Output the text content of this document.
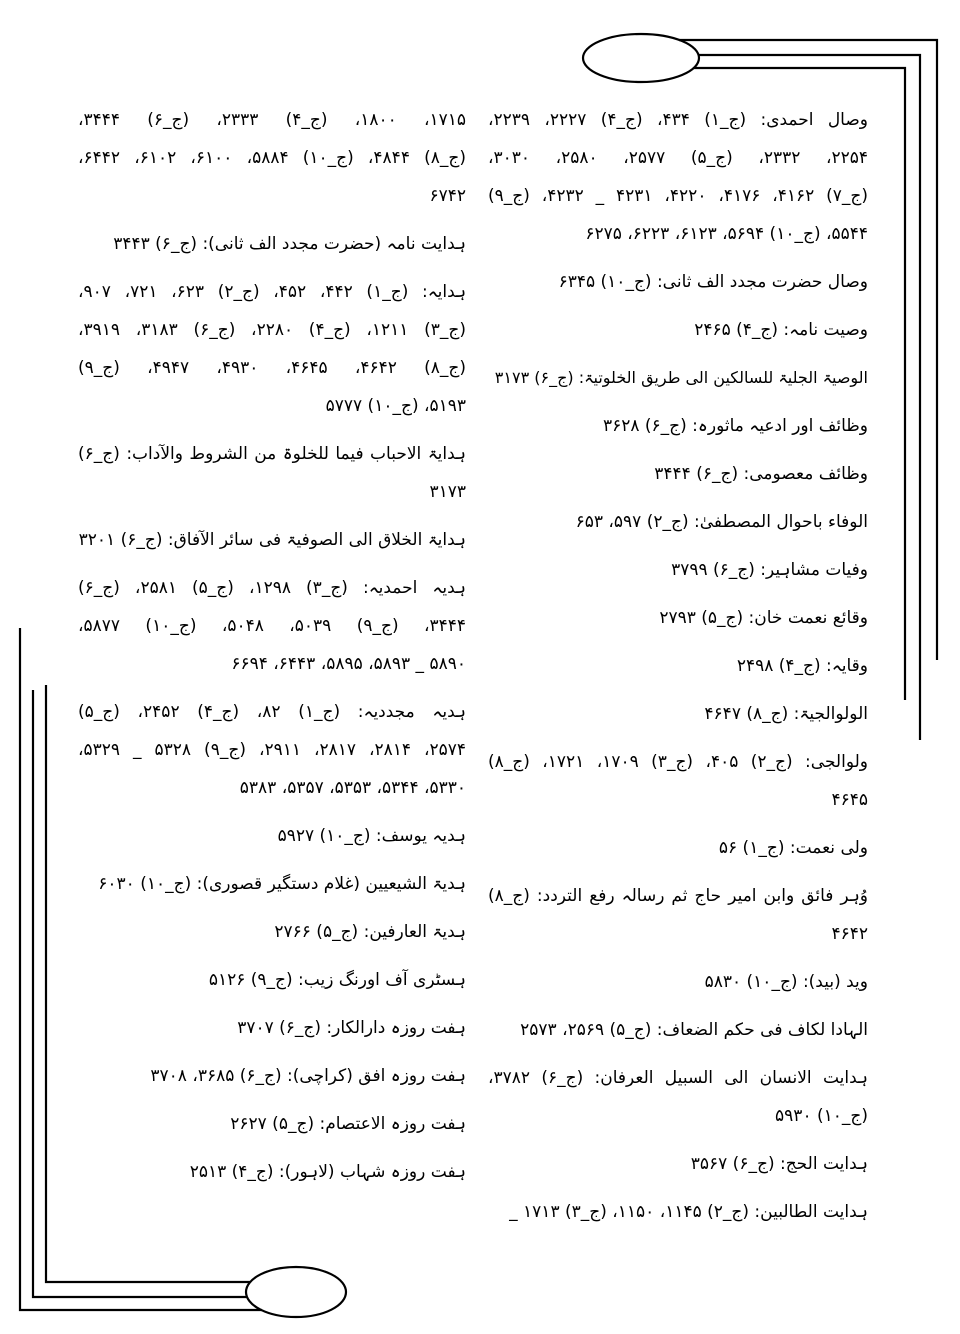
وصال احمدی: (ج_۱) ۴۳۴، (ج_۴) ۲۲۲۷، ۲۲۳۹،
۲۲۵۴، ۲۳۳۲، (ج_۵) ۲۵۷۷، ۲۵۸۰، ۳۰۳۰،
(ج_۷) ۴۱۶۲، ۴۱۷۶، ۴۲۲۰، ۴۲۳۱ _ ۴۲۳۲، (ج_۹)
۵۵۴۴، (ج_۱۰) ۵۶۹۴، ۶۱۲۳، ۶۲۲۳، ۶۲۷۵
وصال حضرت مجدد الف ثانی: (ج_۱۰) ۶۳۴۵
وصیت نامہ: (ج_۴) ۲۴۶۵
الوصیۃ الجلیۃ للسالکین الی طریق الخلوتیۃ: (ج_۶) ۳۱۷۳
وظائف اور ادعیہ ماثورہ: (ج_۶) ۳۶۲۸
وظائف معصومی: (ج_۶) ۳۴۴۴
الوفاء باحوال المصطفیٰ: (ج_۲) ۵۹۷، ۶۵۳
وفیات مشاہیر: (ج_۶) ۳۷۹۹
وقائع نعمت خان: (ج_۵) ۲۷۹۳
وقایہ: (ج_۴) ۲۴۹۸
الولوالجیۃ: (ج_۸) ۴۶۴۷
ولوالجی: (ج_۲) ۴۰۵، (ج_۳) ۱۷۰۹، ۱۷۲۱، (ج_۸)
۴۶۴۵
ولی نعمت: (ج_۱) ۵۶
وُہر فائق وابن امیر حاج ثم رسالہ رفع التردد: (ج_۸)
۴۶۴۲
وید (بید): (ج_۱۰) ۵۸۳۰
الہادا لکاف فی حکم الضعاف: (ج_۵) ۲۵۶۹، ۲۵۷۳
ہدایت الانسان الی السبیل العرفان: (ج_۶) ۳۷۸۲،
(ج_۱۰) ۵۹۳۰
ہدایت الحج: (ج_۶) ۳۵۶۷
ہدایت الطالبین: (ج_۲) ۱۱۴۵، ۱۱۵۰، (ج_۳) ۱۷۱۳ _
۱۷۱۵، ۱۸۰۰، (ج_۴) ۲۳۳۳، (ج_۶) ۳۴۴۴،
(ج_۸) ۴۸۴۴، (ج_۱۰) ۵۸۸۴، ۶۱۰۰، ۶۱۰۲، ۶۴۴۲،
۶۷۴۲
ہدایت نامہ (حضرت مجدد الف ثانی): (ج_۶) ۳۴۴۳
ہدایہ: (ج_۱) ۴۴۲، ۴۵۲، (ج_۲) ۶۲۳، ۷۲۱، ۹۰۷،
(ج_۳) ۱۲۱۱، (ج_۴) ۲۲۸۰، (ج_۶) ۳۱۸۳، ۳۹۱۹،
(ج_۸) ۴۶۴۲، ۴۶۴۵، ۴۹۳۰، ۴۹۴۷، (ج_۹)
۵۱۹۳، (ج_۱۰) ۵۷۷۷
ہدایۃ الاحباب فیما للخلوۃ من الشروط والآداب: (ج_۶)
۳۱۷۳
ہدایۃ الخلاق الی الصوفیۃ فی سائر الآفاق: (ج_۶) ۳۲۰۱
ہدیہ احمدیہ: (ج_۳) ۱۲۹۸، (ج_۵) ۲۵۸۱، (ج_۶)
۳۴۴۴، (ج_۹) ۵۰۳۹، ۵۰۴۸، (ج_۱۰) ۵۸۷۷،
۵۸۹۰ _ ۵۸۹۳، ۵۸۹۵، ۶۴۴۳، ۶۶۹۴
ہدیہ مجددیہ: (ج_۱) ۸۲، (ج_۴) ۲۴۵۲، (ج_۵)
۲۵۷۴، ۲۸۱۴، ۲۸۱۷، ۲۹۱۱، (ج_۹) ۵۳۲۸ _ ۵۳۲۹،
۵۳۳۰، ۵۳۴۴، ۵۳۵۳، ۵۳۵۷، ۵۳۸۳
ہدیہ یوسف: (ج_۱۰) ۵۹۲۷
ہدیۃ الشیعیین (غلام دستگیر قصوری): (ج_۱۰) ۶۰۳۰
ہدیۃ العارفین: (ج_۵) ۲۷۶۶
ہسٹری آف اورنگ زیب: (ج_۹) ۵۱۲۶
ہفت روزہ دارالکار: (ج_۶) ۳۷۰۷
ہفت روزہ افق (کراچی): (ج_۶) ۳۶۸۵، ۳۷۰۸
ہفت روزہ الاعتصام: (ج_۵) ۲۶۲۷
ہفت روزہ شہاب (لاہور): (ج_۴) ۲۵۱۳
